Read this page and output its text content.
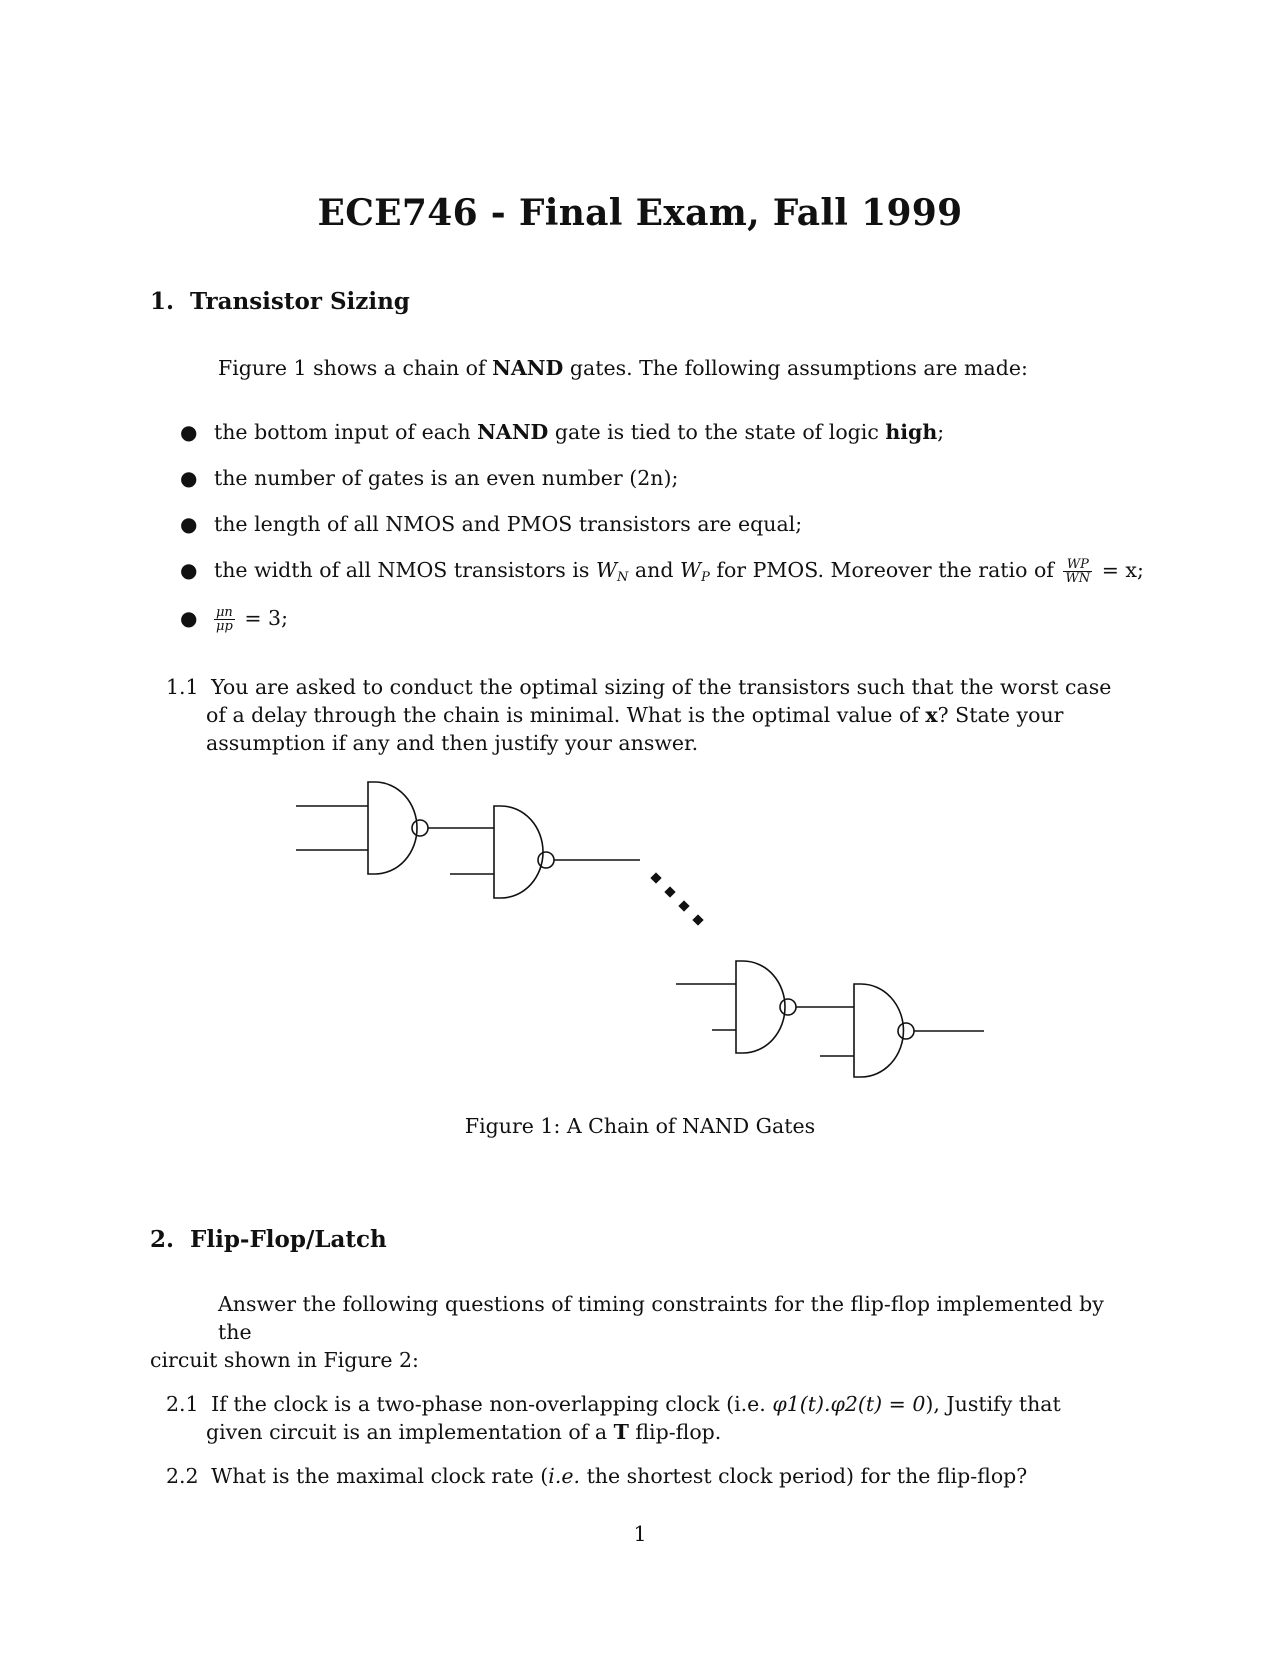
ECE746 - Final Exam, Fall 1999
1. Transistor Sizing
Figure 1 shows a chain of NAND gates. The following assumptions are made:
● the bottom input of each NAND gate is tied to the state of logic high;
● the number of gates is an even number (2n);
● the length of all NMOS and PMOS transistors are equal;
● the width of all NMOS transistors is $W_N$ and $W_P$ for PMOS. Moreover the ratio of $\frac{WP}{WN} = x$;
● $\frac{\mu n}{\mu p} = 3$;
1.1 You are asked to conduct the optimal sizing of the transistors such that the worst case
of a delay through the chain is minimal. What is the optimal value of x? State your
assumption if any and then justify your answer.
Figure 1: A Chain of NAND Gates
2. Flip-Flop/Latch
Answer the following questions of timing constraints for the flip-flop implemented by the
circuit shown in Figure 2:
2.1 If the clock is a two-phase non-overlapping clock (i.e. φ1(t).φ2(t) = 0), Justify that
given circuit is an implementation of a T flip-flop.
2.2 What is the maximal clock rate (i.e. the shortest clock period) for the flip-flop?
1
